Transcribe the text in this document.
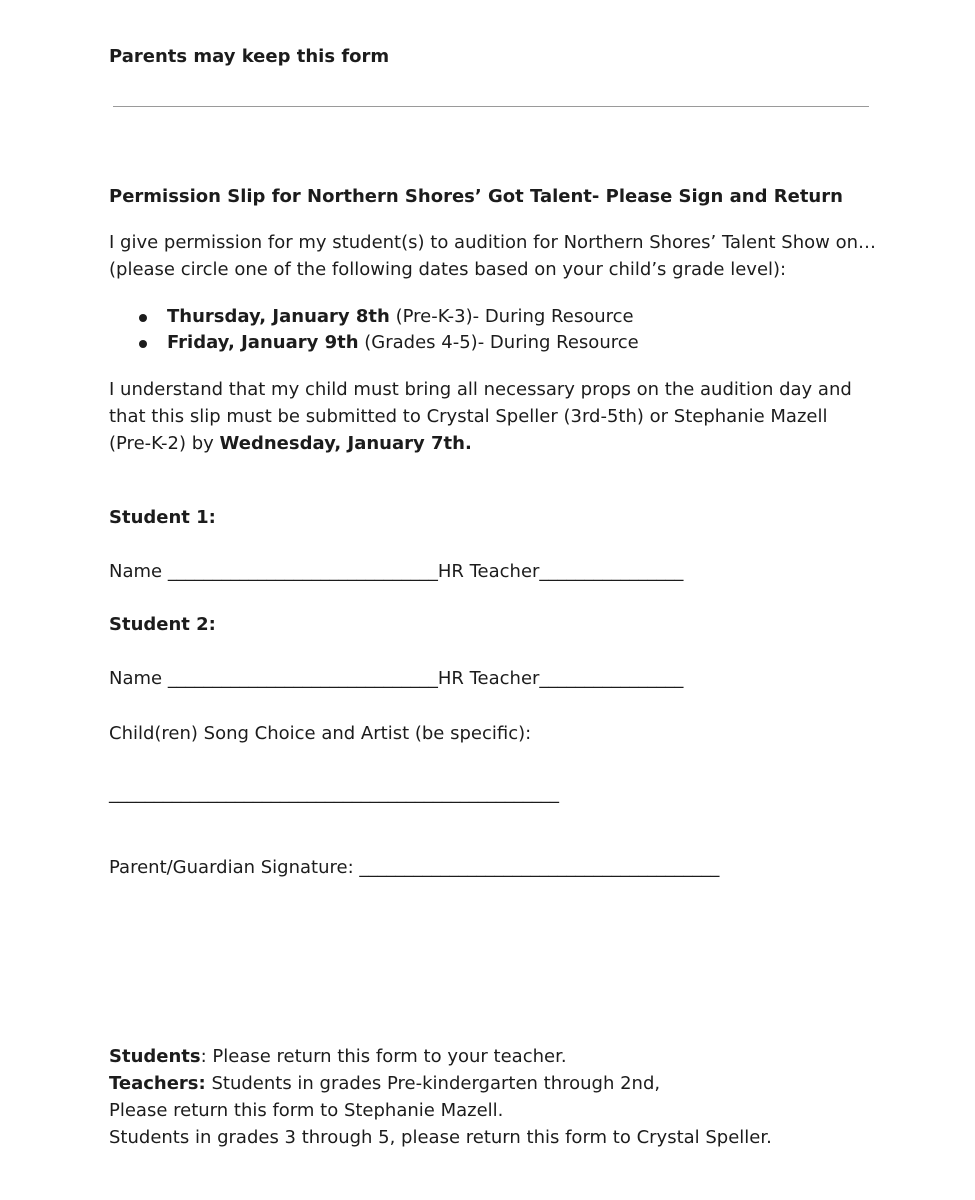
Parents may keep this form
Permission Slip for Northern Shores’ Got Talent- Please Sign and Return
I give permission for my student(s) to audition for Northern Shores’ Talent Show on…
(please circle one of the following dates based on your child’s grade level):
Thursday, January 8th (Pre-K-3)- During Resource
Friday, January 9th (Grades 4-5)- During Resource
I understand that my child must bring all necessary props on the audition day and
that this slip must be submitted to Crystal Speller (3rd-5th) or Stephanie Mazell
(Pre-K-2) by Wednesday, January 7th.
Student 1:
Name ______________________________HR Teacher________________
Student 2:
Name ______________________________HR Teacher________________
Child(ren) Song Choice and Artist (be specific):
__________________________________________________
Parent/Guardian Signature: ________________________________________
Students: Please return this form to your teacher.
Teachers: Students in grades Pre-kindergarten through 2nd,
Please return this form to Stephanie Mazell.
Students in grades 3 through 5, please return this form to Crystal Speller.
